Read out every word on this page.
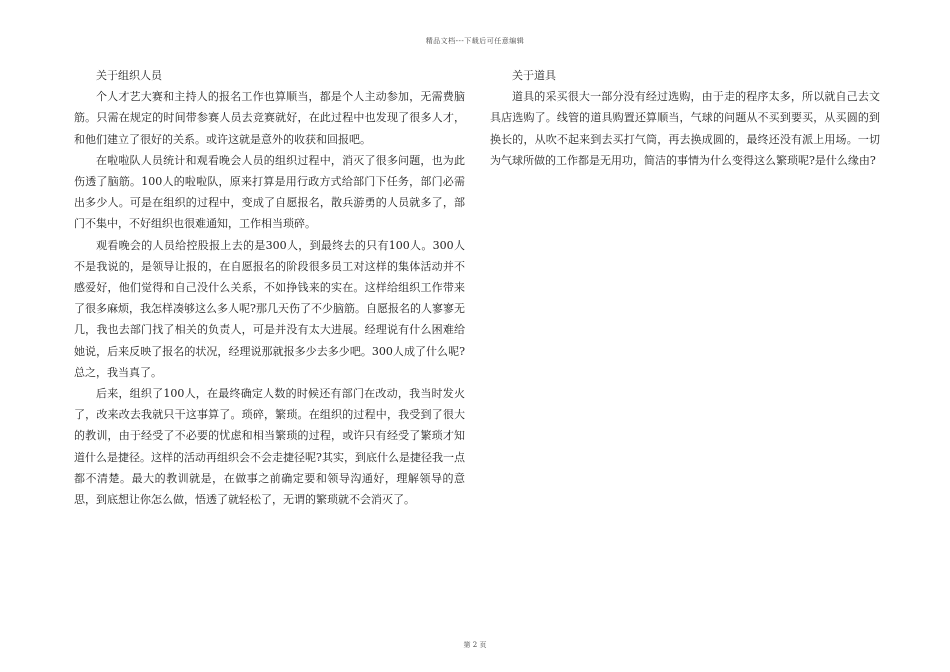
精品文档---下载后可任意编辑

关于组织人员

个人才艺大赛和主持人的报名工作也算顺当，都是个人主动参加，无需费脑筋。只需在规定的时间带参赛人员去竞赛就好，在此过程中也发现了很多人才，和他们建立了很好的关系。或许这就是意外的收获和回报吧。

在啦啦队人员统计和观看晚会人员的组织过程中，消灭了很多问题，也为此伤透了脑筋。100人的啦啦队，原来打算是用行政方式给部门下任务，部门必需出多少人。可是在组织的过程中，变成了自愿报名，散兵游勇的人员就多了，部门不集中，不好组织也很难通知，工作相当琐碎。

观看晚会的人员给控股报上去的是300人，到最终去的只有100人。300人不是我说的，是领导让报的，在自愿报名的阶段很多员工对这样的集体活动并不感爱好，他们觉得和自己没什么关系，不如挣钱来的实在。这样给组织工作带来了很多麻烦，我怎样凑够这么多人呢?那几天伤了不少脑筋。自愿报名的人寥寥无几，我也去部门找了相关的负责人，可是并没有太大进展。经理说有什么困难给她说，后来反映了报名的状况，经理说那就报多少去多少吧。300人成了什么呢?总之，我当真了。

后来，组织了100人，在最终确定人数的时候还有部门在改动，我当时发火了，改来改去我就只干这事算了。琐碎，繁琐。在组织的过程中，我受到了很大的教训，由于经受了不必要的忧虑和相当繁琐的过程，或许只有经受了繁琐才知道什么是捷径。这样的活动再组织会不会走捷径呢?其实，到底什么是捷径我一点都不清楚。最大的教训就是，在做事之前确定要和领导沟通好，理解领导的意思，到底想让你怎么做，悟透了就轻松了，无谓的繁琐就不会消灭了。

关于道具

道具的采买很大一部分没有经过选购，由于走的程序太多，所以就自己去文具店选购了。线管的道具购置还算顺当，气球的问题从不买到要买，从买圆的到换长的，从吹不起来到去买打气筒，再去换成圆的，最终还没有派上用场。一切为气球所做的工作都是无用功，简洁的事情为什么变得这么繁琐呢?是什么缘由?

第 2 页
